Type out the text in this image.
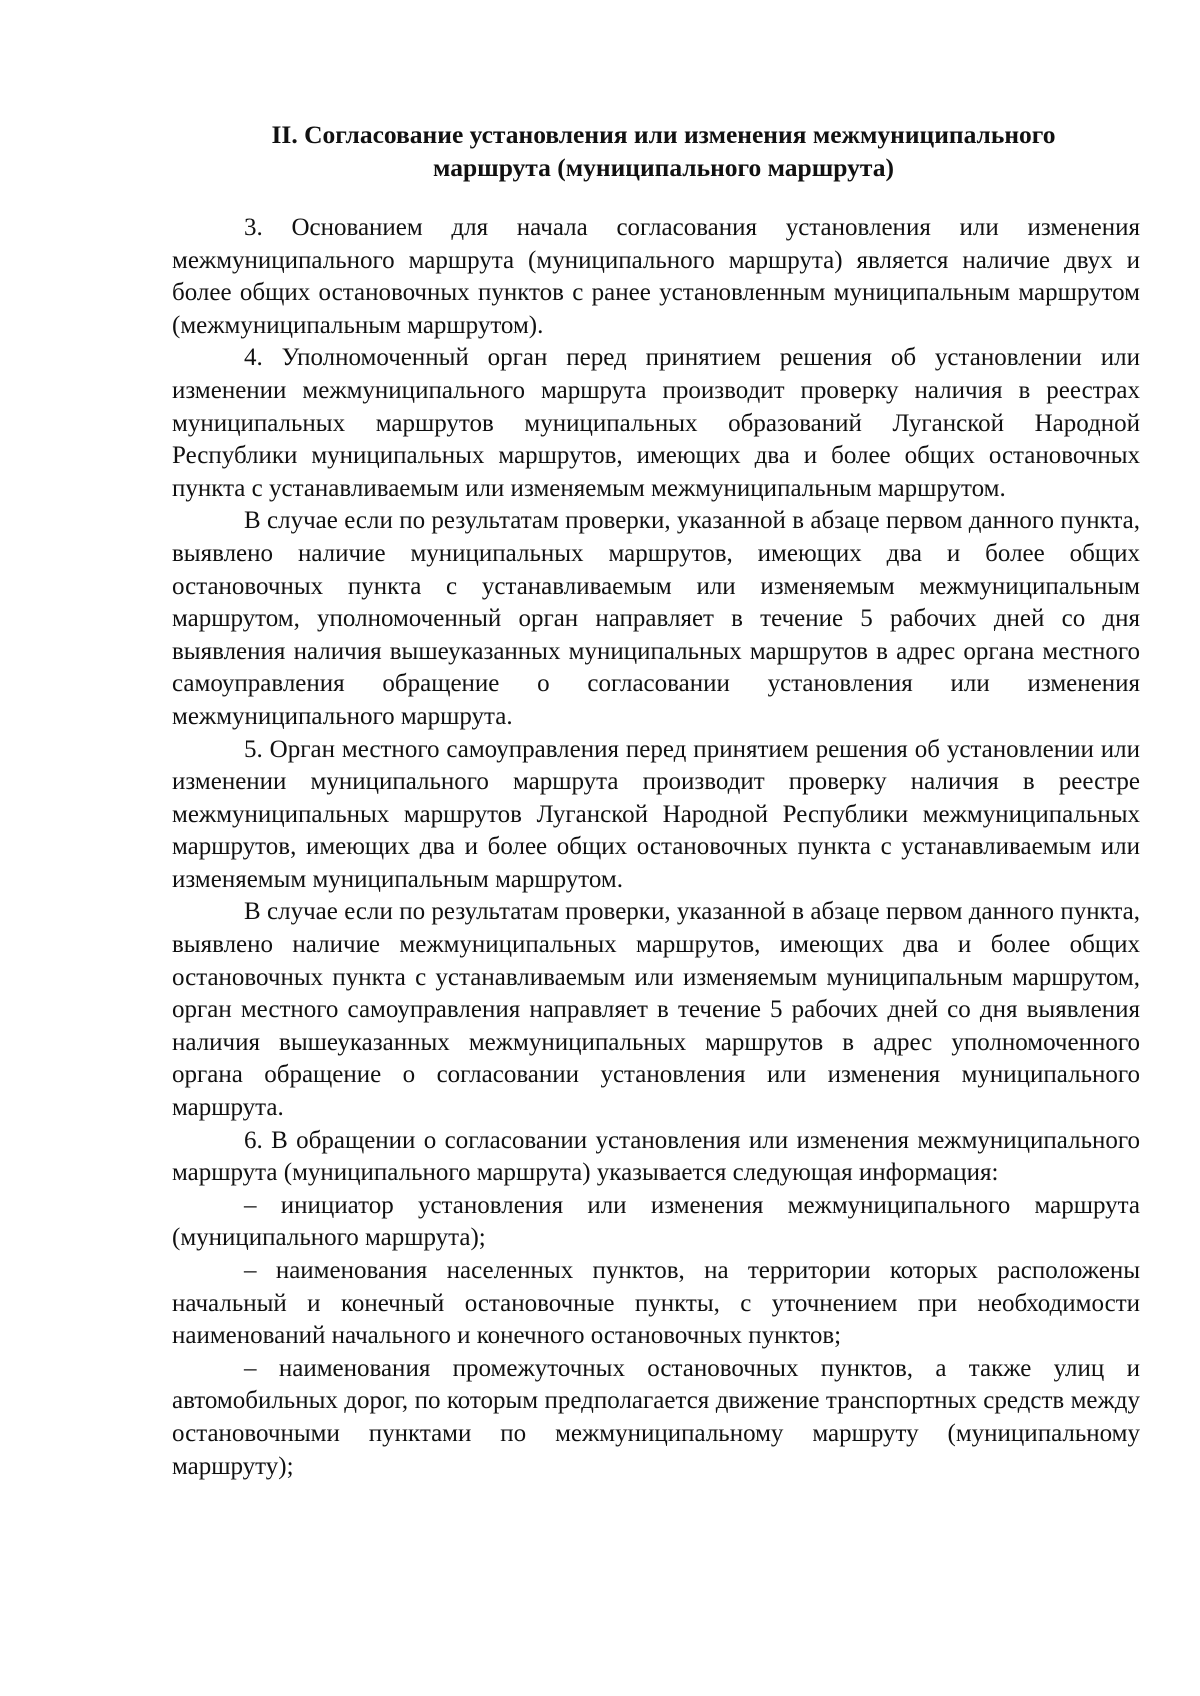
II. Согласование установления или изменения межмуниципального
маршрута (муниципального маршрута)

3. Основанием для начала согласования установления или изменения межмуниципального маршрута (муниципального маршрута) является наличие двух и более общих остановочных пунктов с ранее установленным муниципальным маршрутом (межмуниципальным маршрутом).

4. Уполномоченный орган перед принятием решения об установлении или изменении межмуниципального маршрута производит проверку наличия в реестрах муниципальных маршрутов муниципальных образований Луганской Народной Республики муниципальных маршрутов, имеющих два и более общих остановочных пункта с устанавливаемым или изменяемым межмуниципальным маршрутом.

В случае если по результатам проверки, указанной в абзаце первом данного пункта, выявлено наличие муниципальных маршрутов, имеющих два и более общих остановочных пункта с устанавливаемым или изменяемым межмуниципальным маршрутом, уполномоченный орган направляет в течение 5 рабочих дней со дня выявления наличия вышеуказанных муниципальных маршрутов в адрес органа местного самоуправления обращение о согласовании установления или изменения межмуниципального маршрута.

5. Орган местного самоуправления перед принятием решения об установлении или изменении муниципального маршрута производит проверку наличия в реестре межмуниципальных маршрутов Луганской Народной Республики межмуниципальных маршрутов, имеющих два и более общих остановочных пункта с устанавливаемым или изменяемым муниципальным маршрутом.

В случае если по результатам проверки, указанной в абзаце первом данного пункта, выявлено наличие межмуниципальных маршрутов, имеющих два и более общих остановочных пункта с устанавливаемым или изменяемым муниципальным маршрутом, орган местного самоуправления направляет в течение 5 рабочих дней со дня выявления наличия вышеуказанных межмуниципальных маршрутов в адрес уполномоченного органа обращение о согласовании установления или изменения муниципального маршрута.

6. В обращении о согласовании установления или изменения межмуниципального маршрута (муниципального маршрута) указывается следующая информация:

– инициатор установления или изменения межмуниципального маршрута (муниципального маршрута);

– наименования населенных пунктов, на территории которых расположены начальный и конечный остановочные пункты, с уточнением при необходимости наименований начального и конечного остановочных пунктов;

– наименования промежуточных остановочных пунктов, а также улиц и автомобильных дорог, по которым предполагается движение транспортных средств между остановочными пунктами по межмуниципальному маршруту (муниципальному маршруту);
